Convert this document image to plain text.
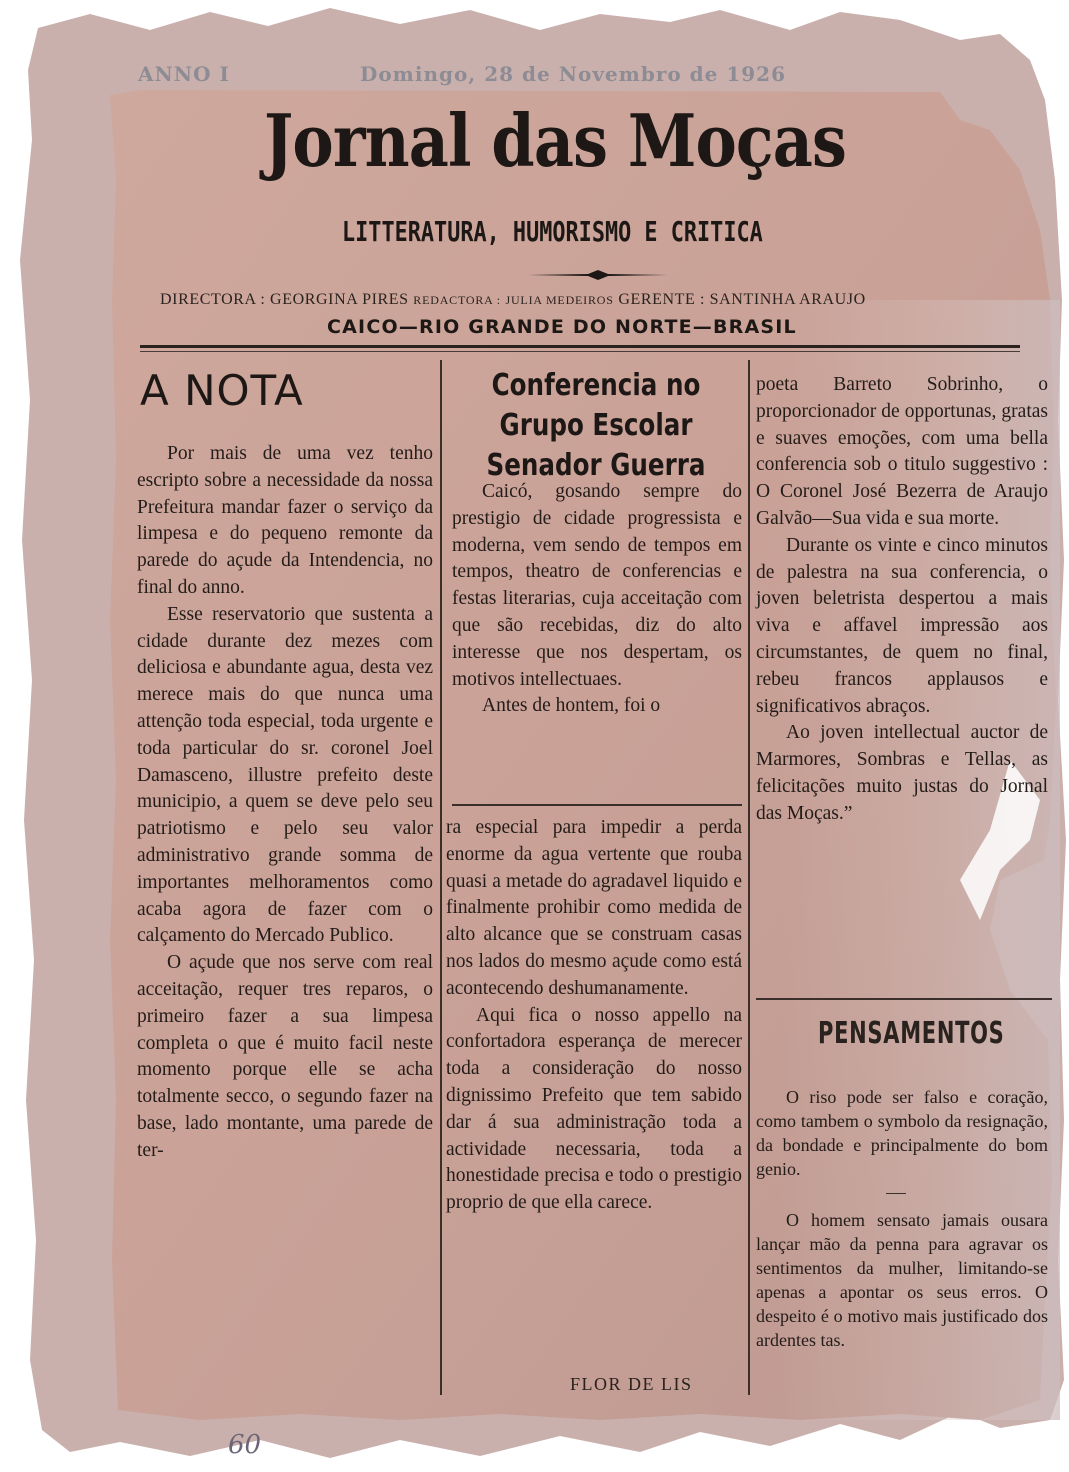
ANNO I	Domingo, 28 de Novembro de 1926
Jornal das Moças
LITTERATURA, HUMORISMO E CRITICA
DIRECTORA : GEORGINA PIRES REDACTORA : JULIA MEDEIROS GERENTE : SANTINHA ARAUJO
CAICO—RIO GRANDE DO NORTE—BRASIL
A NOTA

Por mais de uma vez tenho escripto sobre a necessidade da nossa Prefeitura mandar fazer o serviço da limpesa e do pequeno remonte da parede do açude da Intendencia, no final do anno.

Esse reservatorio que sustenta a cidade durante dez mezes com deliciosa e abundante agua, desta vez merece mais do que nunca uma attenção toda especial, toda urgente e toda particular do sr. coronel Joel Damasceno, illustre prefeito deste municipio, a quem se deve pelo seu patriotismo e pelo seu valor administrativo grande somma de importantes melhoramentos como acaba agora de fazer com o calçamento do Mercado Publico.

O açude que nos serve com real acceitação, requer tres reparos, o primeiro fazer a sua limpesa completa o que é muito facil neste momento porque elle se acha totalmente secco, o segundo fazer na base, lado montante, uma parede de ter-

Conferencia no Grupo Escolar Senador Guerra

Caicó, gosando sempre do prestigio de cidade progressista e moderna, vem sendo de tempos em tempos, theatro de conferencias e festas literarias, cuja acceitação com que são recebidas, diz do alto interesse que nos despertam, os motivos intellectuaes.

Antes de hontem, foi o

ra especial para impedir a perda enorme da agua vertente que rouba quasi a metade do agradavel liquido e finalmente prohibir como medida de alto alcance que se construam casas nos lados do mesmo açude como está acontecendo deshumanamente.

Aqui fica o nosso appello na confortadora esperança de merecer toda a consideração do nosso dignissimo Prefeito que tem sabido dar á sua administração toda a actividade necessaria, toda a honestidade precisa e todo o prestigio proprio de que ella carece.

FLOR DE LIS

poeta Barreto Sobrinho, o proporcionador de opportunas, gratas e suaves emoções, com uma bella conferencia sob o titulo suggestivo : O Coronel José Bezerra de Araujo Galvão—Sua vida e sua morte.

Durante os vinte e cinco minutos de palestra na sua conferencia, o joven beletrista despertou a mais viva e affavel impressão aos circumstantes, de quem no final, rebeu francos applausos e significativos abraços.

Ao joven intellectual auctor de Marmores, Sombras e Tellas, as felicitações muito justas do Jornal das Moças.”

PENSAMENTOS

O riso pode ser falso e coração, como tambem o symbolo da resignação, da bondade e principalmente do bom genio.

O homem sensato jamais ousara lançar mão da penna para agravar os sentimentos da mulher, limitando-se apenas a apontar os seus erros. O despeito é o motivo mais justificado dos ardentes tas.

60
